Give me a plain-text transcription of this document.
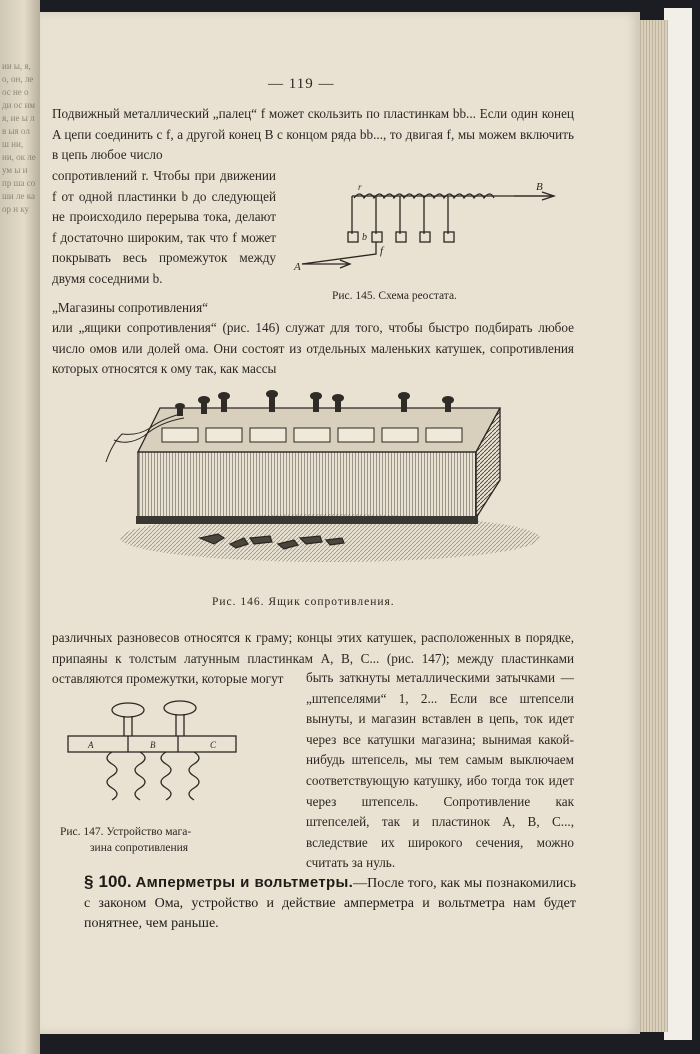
ии ы, я, о, он, ле ос не о ди ос им я, ие ы л в ыя ол ш ни, ни, ок ле ум ы и пр ша со ши ле ка ор н ку
— 119 —
Подвижный металлический „палец“ f может скользить по пластинкам bb... Если один конец A цепи соединить с f, а другой конец B с концом ряда bb..., то двигая f, мы можем включить в цепь любое число
сопротивлений r. Чтобы при движении f от одной пластинки b до следующей не происходило перерыва тока, делают f достаточно широким, так что f может покрывать весь промежуток между двумя соседними b.
B
A
f
b
r
Рис. 145. Схема реостата.
„Магазины сопротивления“
или „ящики сопротивления“ (рис. 146) служат для того, чтобы быстро подбирать любое число омов или долей ома. Они состоят из отдельных маленьких катушек, сопротивления которых относятся к ому так, как массы
Рис. 146. Ящик сопротивления.
различных разновесов относятся к граму; концы этих катушек, расположенных в порядке, припаяны к толстым латунным пластинкам A, B, C... (рис. 147); между пластинками оставляются промежутки, которые могут	быть заткнуты металлическими затычками — „штепселями“ 1, 2... Если все штепсели вынуты, и магазин вставлен в цепь, ток идет через все катушки магазина; вынимая какой-нибудь штепсель, мы тем самым выключаем соответствующую катушку, ибо тогда ток идет через штепсель. Сопротивление как штепселей, так и пластинок A, B, C..., вследствие их широкого сечения, можно считать за нуль.
A	B	C
Рис. 147. Устройство мага-
зина сопротивления
§ 100. Амперметры и вольтметры.—После того, как мы познакомились с законом Ома, устройство и действие амперметра и вольтметра нам будет понятнее, чем раньше.
